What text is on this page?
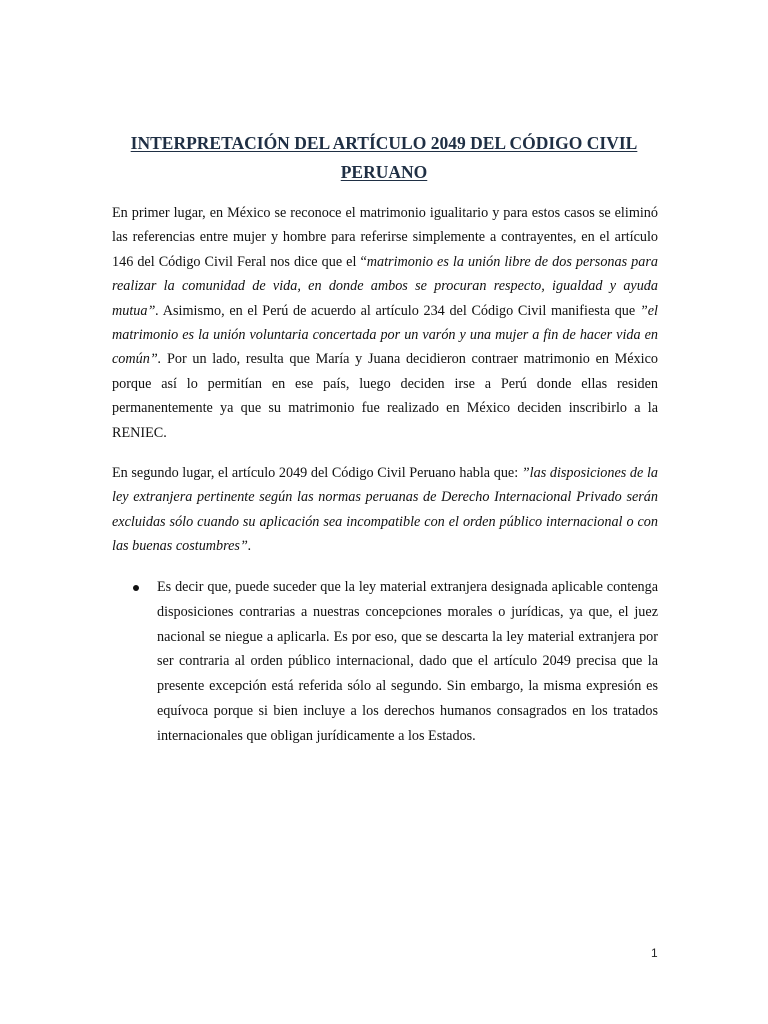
INTERPRETACIÓN DEL ARTÍCULO 2049 DEL CÓDIGO CIVIL
PERUANO

En primer lugar, en México se reconoce el matrimonio igualitario y para estos casos se eliminó las referencias entre mujer y hombre para referirse simplemente a contrayentes, en el artículo 146 del Código Civil Feral nos dice que el “matrimonio es la unión libre de dos personas para realizar la comunidad de vida, en donde ambos se procuran respecto, igualdad y ayuda mutua”. Asimismo, en el Perú de acuerdo al artículo 234 del Código Civil manifiesta que ”el matrimonio es la unión voluntaria concertada por un varón y una mujer a fin de hacer vida en común”. Por un lado, resulta que María y Juana decidieron contraer matrimonio en México porque así lo permitían en ese país, luego deciden irse a Perú donde ellas residen permanentemente ya que su matrimonio fue realizado en México deciden inscribirlo a la RENIEC.

En segundo lugar, el artículo 2049 del Código Civil Peruano habla que: ”las disposiciones de la ley extranjera pertinente según las normas peruanas de Derecho Internacional Privado serán excluidas sólo cuando su aplicación sea incompatible con el orden público internacional o con las buenas costumbres”.

Es decir que, puede suceder que la ley material extranjera designada aplicable contenga disposiciones contrarias a nuestras concepciones morales o jurídicas, ya que, el juez nacional se niegue a aplicarla. Es por eso, que se descarta la ley material extranjera por ser contraria al orden público internacional, dado que el artículo 2049 precisa que la presente excepción está referida sólo al segundo. Sin embargo, la misma expresión es equívoca porque si bien incluye a los derechos humanos consagrados en los tratados internacionales que obligan jurídicamente a los Estados.
1
